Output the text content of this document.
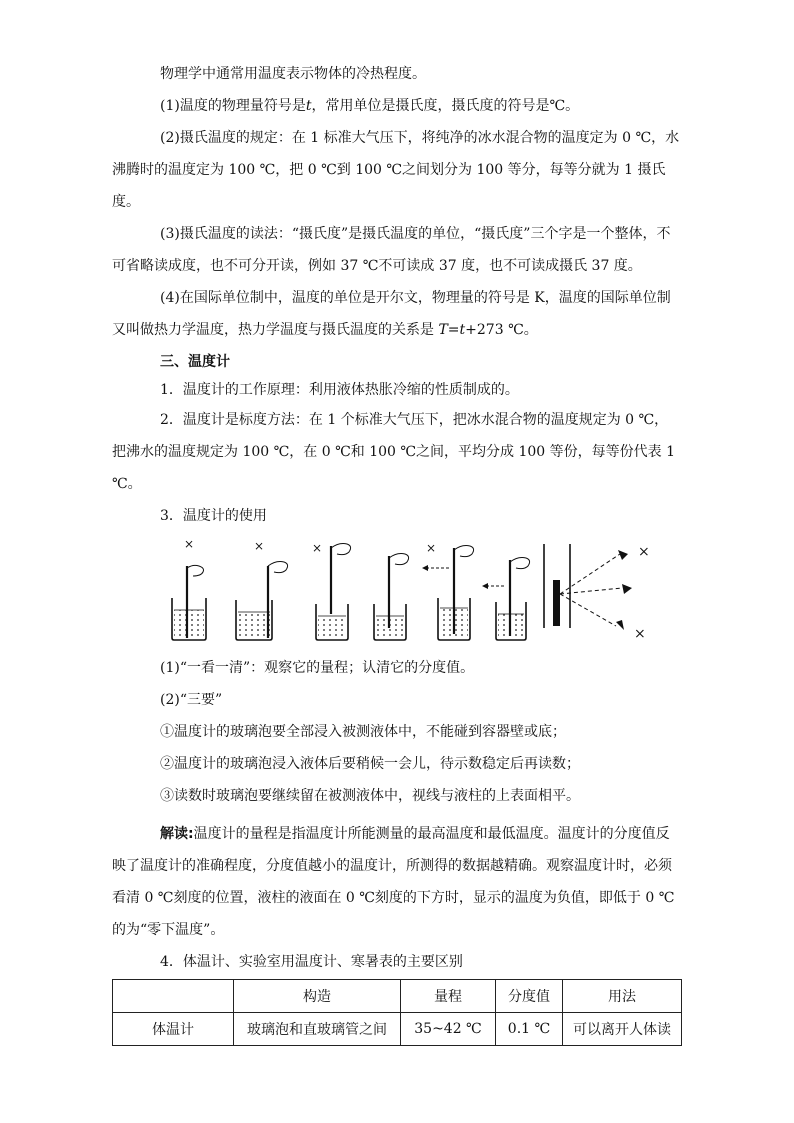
物理学中通常用温度表示物体的冷热程度。

(1)温度的物理量符号是t，常用单位是摄氏度，摄氏度的符号是℃。

(2)摄氏温度的规定：在 1 标准大气压下，将纯净的冰水混合物的温度定为 0 ℃，水沸腾时的温度定为 100 ℃，把 0 ℃到 100 ℃之间划分为 100 等分，每等分就为 1 摄氏度。

(3)摄氏温度的读法：“摄氏度”是摄氏温度的单位，“摄氏度”三个字是一个整体，不可省略读成度，也不可分开读，例如 37 ℃不可读成 37 度，也不可读成摄氏 37 度。

(4)在国际单位制中，温度的单位是开尔文，物理量的符号是 K，温度的国际单位制又叫做热力学温度，热力学温度与摄氏温度的关系是 T=t+273 ℃。

三、温度计

1．温度计的工作原理：利用液体热胀冷缩的性质制成的。

2．温度计是标度方法：在 1 个标准大气压下，把冰水混合物的温度规定为 0 ℃，把沸水的温度规定为 100 ℃，在 0 ℃和 100 ℃之间，平均分成 100 等份，每等份代表 1 ℃。

3．温度计的使用

×	×	×	×	×
×

(1)“一看一清”：观察它的量程；认清它的分度值。

(2)“三要”

①温度计的玻璃泡要全部浸入被测液体中，不能碰到容器壁或底；

②温度计的玻璃泡浸入液体后要稍候一会儿，待示数稳定后再读数；

③读数时玻璃泡要继续留在被测液体中，视线与液柱的上表面相平。

解读:温度计的量程是指温度计所能测量的最高温度和最低温度。温度计的分度值反映了温度计的准确程度，分度值越小的温度计，所测得的数据越精确。观察温度计时，必须看清 0 ℃刻度的位置，液柱的液面在 0 ℃刻度的下方时，显示的温度为负值，即低于 0 ℃的为“零下温度”。

4．体温计、实验室用温度计、寒暑表的主要区别

	构造	量程	分度值	用法
体温计	玻璃泡和直玻璃管之间	35~42 ℃	0.1 ℃	可以离开人体读
